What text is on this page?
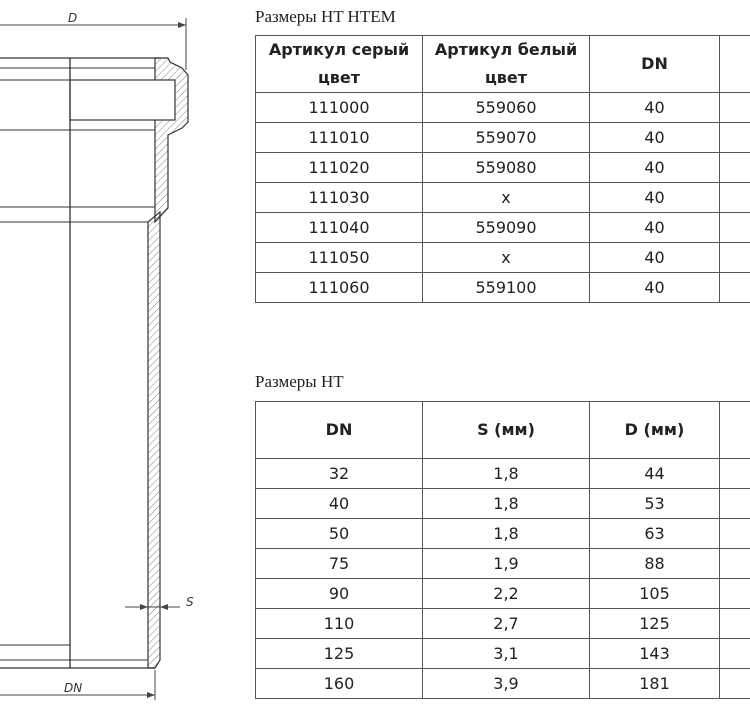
D
S
DN
Размеры HT HTEM
Артикул серый цвет	Артикул белый цвет	DN	
111000	559060	40	
111010	559070	40	
111020	559080	40	
111030	x	40	
111040	559090	40	
111050	x	40	
111060	559100	40	
Размеры HT
DN	S (мм)	D (мм)	
32	1,8	44	
40	1,8	53	
50	1,8	63	
75	1,9	88	
90	2,2	105	
110	2,7	125	
125	3,1	143	
160	3,9	181	
